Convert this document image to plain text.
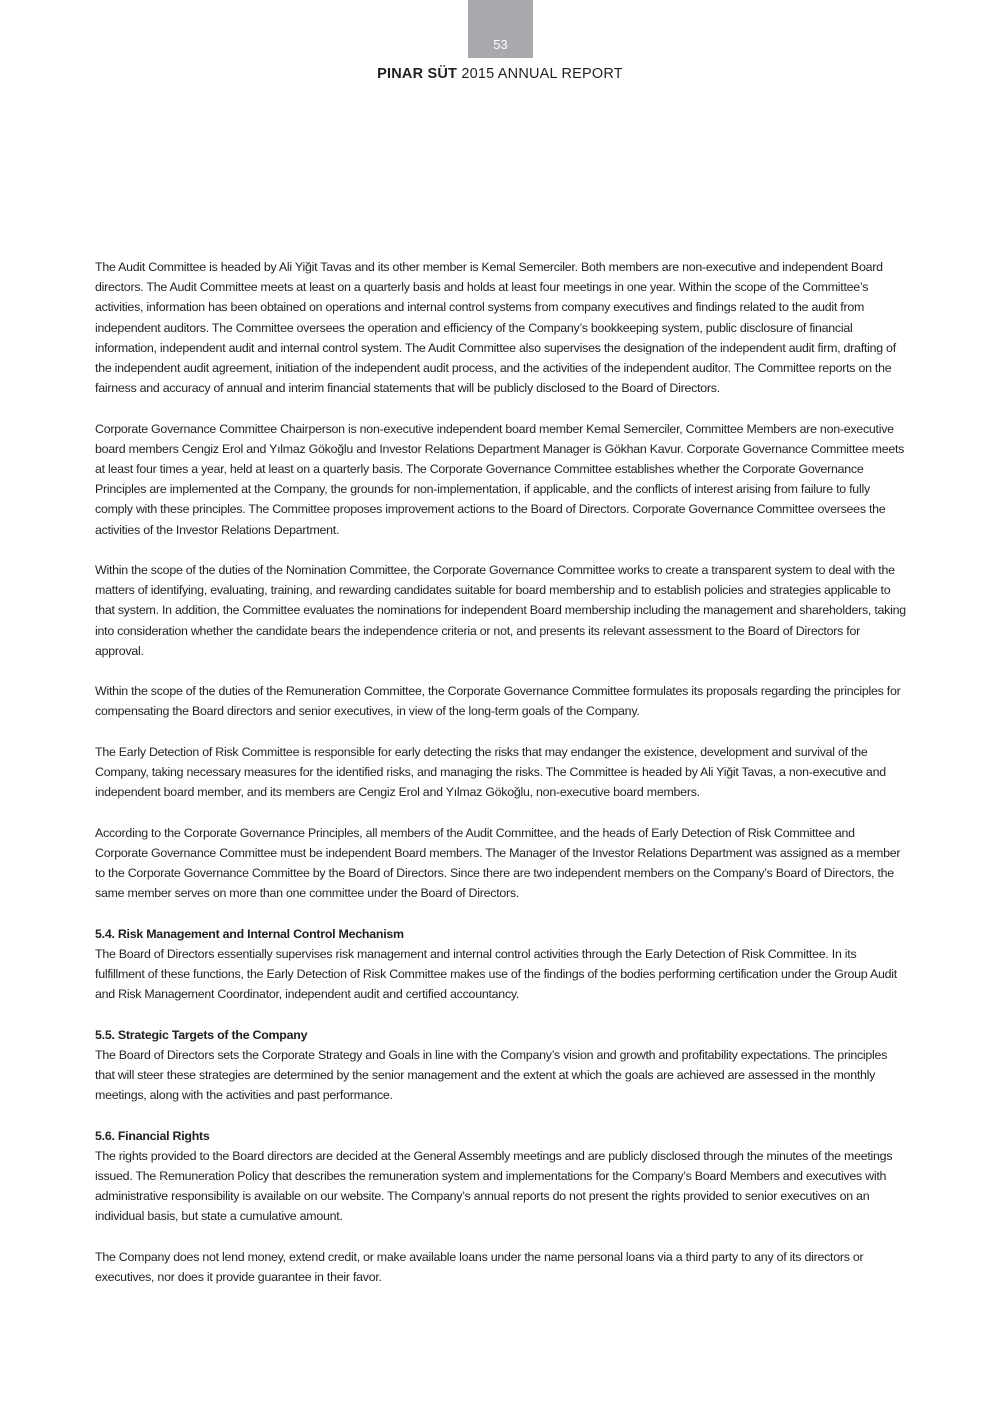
53
PINAR SÜT 2015 ANNUAL REPORT

The Audit Committee is headed by Ali Yiğit Tavas and its other member is Kemal Semerciler. Both members are non-executive and independent Board directors. The Audit Committee meets at least on a quarterly basis and holds at least four meetings in one year. Within the scope of the Committee’s activities, information has been obtained on operations and internal control systems from company executives and findings related to the audit from independent auditors. The Committee oversees the operation and efficiency of the Company’s bookkeeping system, public disclosure of financial information, independent audit and internal control system. The Audit Committee also supervises the designation of the independent audit firm, drafting of the independent audit agreement, initiation of the independent audit process, and the activities of the independent auditor. The Committee reports on the fairness and accuracy of annual and interim financial statements that will be publicly disclosed to the Board of Directors.

Corporate Governance Committee Chairperson is non-executive independent board member Kemal Semerciler, Committee Members are non-executive board members Cengiz Erol and Yılmaz Gökoğlu and Investor Relations Department Manager is Gökhan Kavur. Corporate Governance Committee meets at least four times a year, held at least on a quarterly basis. The Corporate Governance Committee establishes whether the Corporate Governance Principles are implemented at the Company, the grounds for non-implementation, if applicable, and the conflicts of interest arising from failure to fully comply with these principles. The Committee proposes improvement actions to the Board of Directors. Corporate Governance Committee oversees the activities of the Investor Relations Department.

Within the scope of the duties of the Nomination Committee, the Corporate Governance Committee works to create a transparent system to deal with the matters of identifying, evaluating, training, and rewarding candidates suitable for board membership and to establish policies and strategies applicable to that system. In addition, the Committee evaluates the nominations for independent Board membership including the management and shareholders, taking into consideration whether the candidate bears the independence criteria or not, and presents its relevant assessment to the Board of Directors for approval.

Within the scope of the duties of the Remuneration Committee, the Corporate Governance Committee formulates its proposals regarding the principles for compensating the Board directors and senior executives, in view of the long-term goals of the Company.

The Early Detection of Risk Committee is responsible for early detecting the risks that may endanger the existence, development and survival of the Company, taking necessary measures for the identified risks, and managing the risks. The Committee is headed by Ali Yiğit Tavas, a non-executive and independent board member, and its members are Cengiz Erol and Yılmaz Gökoğlu, non-executive board members.

According to the Corporate Governance Principles, all members of the Audit Committee, and the heads of Early Detection of Risk Committee and Corporate Governance Committee must be independent Board members. The Manager of the Investor Relations Department was assigned as a member to the Corporate Governance Committee by the Board of Directors. Since there are two independent members on the Company’s Board of Directors, the same member serves on more than one committee under the Board of Directors.

5.4. Risk Management and Internal Control Mechanism

The Board of Directors essentially supervises risk management and internal control activities through the Early Detection of Risk Committee. In its fulfillment of these functions, the Early Detection of Risk Committee makes use of the findings of the bodies performing certification under the Group Audit and Risk Management Coordinator, independent audit and certified accountancy.

5.5. Strategic Targets of the Company

The Board of Directors sets the Corporate Strategy and Goals in line with the Company’s vision and growth and profitability expectations. The principles that will steer these strategies are determined by the senior management and the extent at which the goals are achieved are assessed in the monthly meetings, along with the activities and past performance.

5.6. Financial Rights

The rights provided to the Board directors are decided at the General Assembly meetings and are publicly disclosed through the minutes of the meetings issued. The Remuneration Policy that describes the remuneration system and implementations for the Company’s Board Members and executives with administrative responsibility is available on our website. The Company’s annual reports do not present the rights provided to senior executives on an individual basis, but state a cumulative amount.

The Company does not lend money, extend credit, or make available loans under the name personal loans via a third party to any of its directors or executives, nor does it provide guarantee in their favor.
